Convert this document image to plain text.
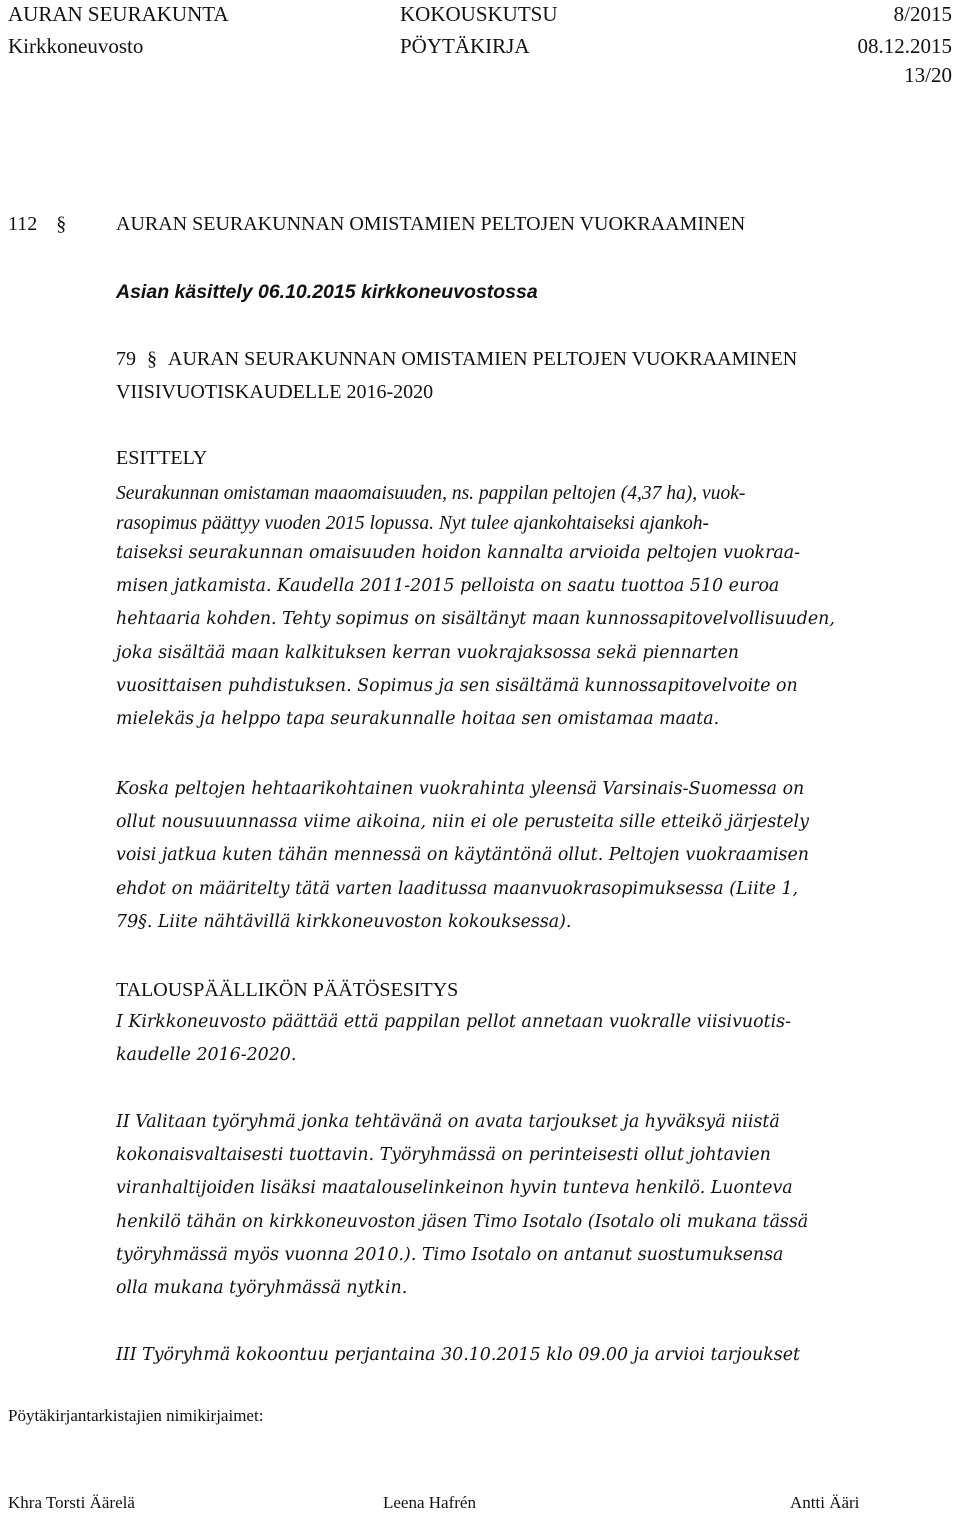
AURAN SEURAKUNTA
Kirkkoneuvosto
KOKOUSKUTSU
PÖYTÄKIRJA
8/2015
08.12.2015
13/20
112 § AURAN SEURAKUNNAN OMISTAMIEN PELTOJEN VUOKRAAMINEN
Asian käsittely 06.10.2015 kirkkoneuvostossa
79 § AURAN SEURAKUNNAN OMISTAMIEN PELTOJEN VUOKRAAMINEN
VIISIVUOTISKAUDELLE 2016-2020
ESITTELY
Seurakunnan omistaman maaomaisuuden, ns. pappilan peltojen (4,37 ha), vuok-
rasopimus päättyy vuoden 2015 lopussa. Nyt tulee ajankohtaiseksi ajankoh-
taiseksi seurakunnan omaisuuden hoidon kannalta arvioida peltojen vuokraa-
misen jatkamista. Kaudella 2011-2015 pelloista on saatu tuottoa 510 euroa
hehtaaria kohden. Tehty sopimus on sisältänyt maan kunnossapitovelvollisuuden,
joka sisältää maan kalkituksen kerran vuokrajaksossa sekä piennarten
vuosittaisen puhdistuksen. Sopimus ja sen sisältämä kunnossapitovelvoite on
mielekäs ja helppo tapa seurakunnalle hoitaa sen omistamaa maata.
Koska peltojen hehtaarikohtainen vuokrahinta yleensä Varsinais-Suomessa on
ollut nousuuunnassa viime aikoina, niin ei ole perusteita sille etteikö järjestely
voisi jatkua kuten tähän mennessä on käytäntönä ollut. Peltojen vuokraamisen
ehdot on määritelty tätä varten laaditussa maanvuokrasopimuksessa (Liite 1,
79§. Liite nähtävillä kirkkoneuvoston kokouksessa).
TALOUSPÄÄLLIKÖN PÄÄTÖSESITYS
I Kirkkoneuvosto päättää että pappilan pellot annetaan vuokralle viisivuotis-
kaudelle 2016-2020.
II Valitaan työryhmä jonka tehtävänä on avata tarjoukset ja hyväksyä niistä
kokonaisvaltaisesti tuottavin. Työryhmässä on perinteisesti ollut johtavien
viranhaltijoiden lisäksi maatalouselinkeinon hyvin tunteva henkilö. Luonteva
henkilö tähän on kirkkoneuvoston jäsen Timo Isotalo (Isotalo oli mukana tässä
työryhmässä myös vuonna 2010.). Timo Isotalo on antanut suostumuksensa
olla mukana työryhmässä nytkin.
III Työryhmä kokoontuu perjantaina 30.10.2015 klo 09.00 ja arvioi tarjoukset
Pöytäkirjantarkistajien nimikirjaimet:
Khra Torsti Äärelä	Leena Hafrén	Antti Ääri
